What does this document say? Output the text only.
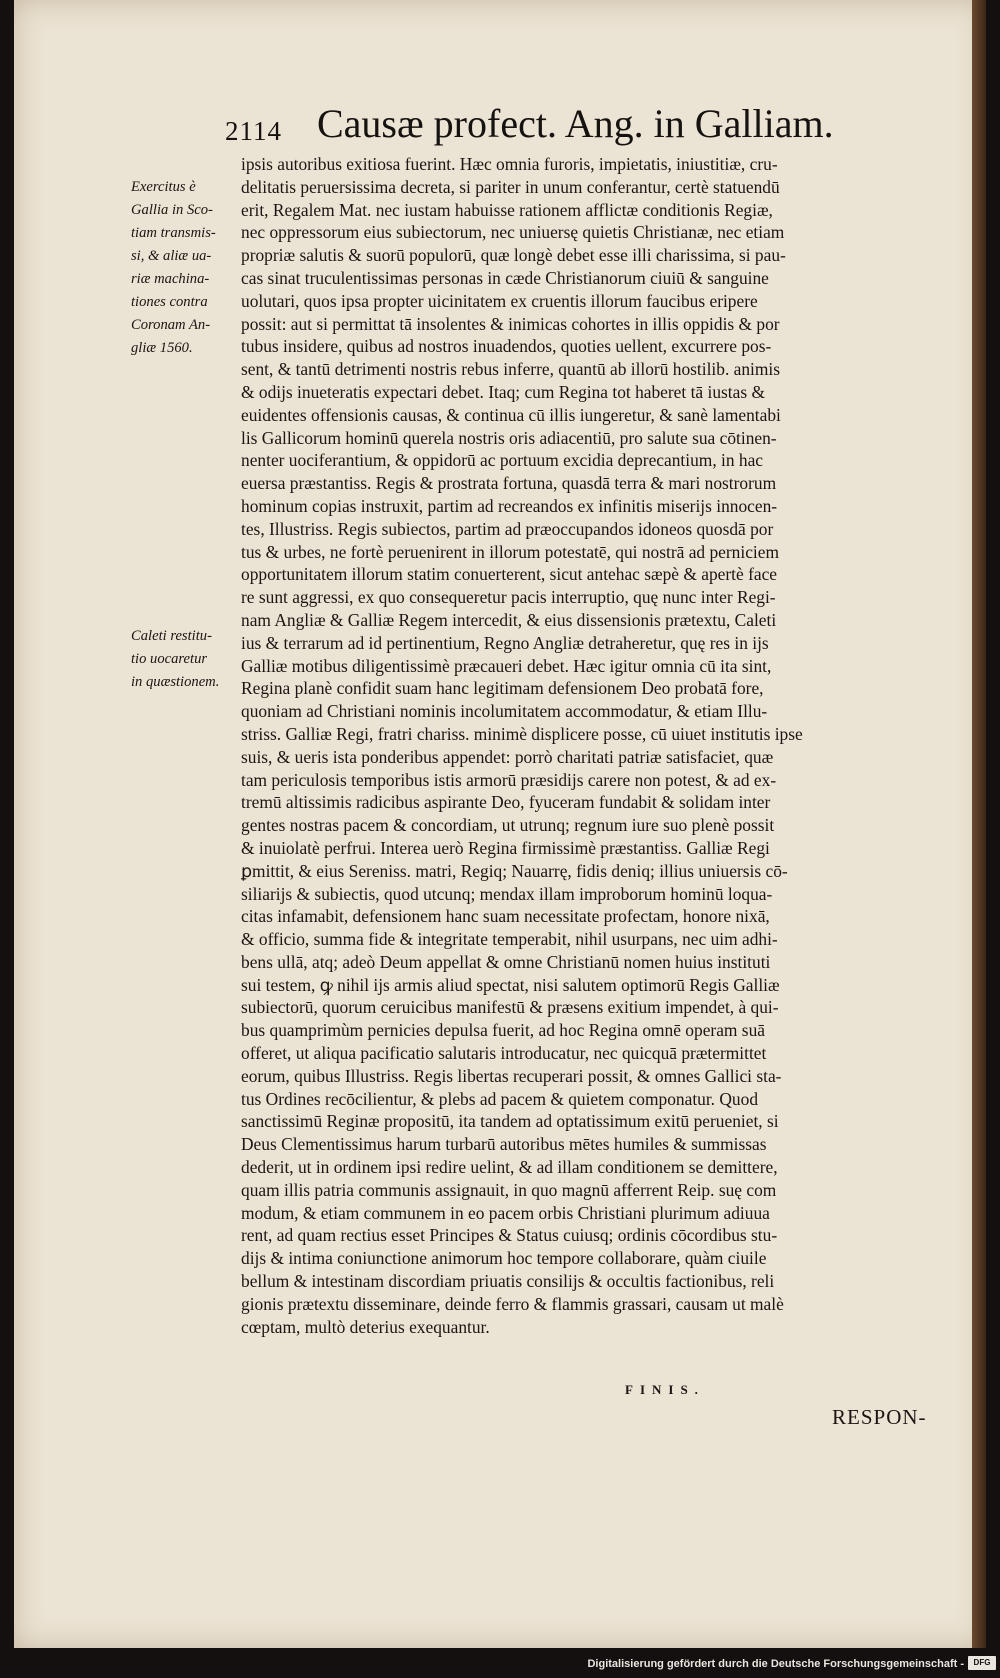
2114 Causæ profect. Ang. in Galliam.
Exercitus è
Gallia in Sco-
tiam transmis-
si, & aliæ ua-
riæ machina-
tiones contra
Coronam An-
gliæ 1560.
Caleti restitu-
tio uocaretur
in quæstionem.
ipsis autoribus exitiosa fuerint. Hæc omnia furoris, impietatis, iniustitiæ, cru-
delitatis peruersissima decreta, si pariter in unum conferantur, certè statuendū
erit, Regalem Mat. nec iustam habuisse rationem afflictæ conditionis Regiæ,
nec oppressorum eius subiectorum, nec uniuersę quietis Christianæ, nec etiam
propriæ salutis & suorū populorū, quæ longè debet esse illi charissima, si pau-
cas sinat truculentissimas personas in cæde Christianorum ciuiū & sanguine
uolutari, quos ipsa propter uicinitatem ex cruentis illorum faucibus eripere
possit: aut si permittat tā insolentes & inimicas cohortes in illis oppidis & por
tubus insidere, quibus ad nostros inuadendos, quoties uellent, excurrere pos-
sent, & tantū detrimenti nostris rebus inferre, quantū ab illorū hostilib. animis
& odijs inueteratis expectari debet. Itaq; cum Regina tot haberet tā iustas &
euidentes offensionis causas, & continua cū illis iungeretur, & sanè lamentabi
lis Gallicorum hominū querela nostris oris adiacentiū, pro salute sua cōtinen-
nenter uociferantium, & oppidorū ac portuum excidia deprecantium, in hac
euersa præstantiss. Regis & prostrata fortuna, quasdā terra & mari nostrorum
hominum copias instruxit, partim ad recreandos ex infinitis miserijs innocen-
tes, Illustriss. Regis subiectos, partim ad præoccupandos idoneos quosdā por
tus & urbes, ne fortè peruenirent in illorum potestatē, qui nostrā ad perniciem
opportunitatem illorum statim conuerterent, sicut antehac sæpè & apertè face
re sunt aggressi, ex quo consequeretur pacis interruptio, quę nunc inter Regi-
nam Angliæ & Galliæ Regem intercedit, & eius dissensionis prætextu, Caleti
ius & terrarum ad id pertinentium, Regno Angliæ detraheretur, quę res in ijs
Galliæ motibus diligentissimè præcaueri debet. Hæc igitur omnia cū ita sint,
Regina planè confidit suam hanc legitimam defensionem Deo probatā fore,
quoniam ad Christiani nominis incolumitatem accommodatur, & etiam Illu-
striss. Galliæ Regi, fratri chariss. minimè displicere posse, cū uiuet institutis ipse
suis, & ueris ista ponderibus appendet: porrò charitati patriæ satisfaciet, quæ
tam periculosis temporibus istis armorū præsidijs carere non potest, & ad ex-
tremū altissimis radicibus aspirante Deo, fyuceram fundabit & solidam inter
gentes nostras pacem & concordiam, ut utrunq; regnum iure suo plenè possit
& inuiolatè perfrui. Interea uerò Regina firmissimè præstantiss. Galliæ Regi
ꝑmittit, & eius Sereniss. matri, Regiq; Nauarrę, fidis deniq; illius uniuersis cō-
siliarijs & subiectis, quod utcunq; mendax illam improborum hominū loqua-
citas infamabit, defensionem hanc suam necessitate profectam, honore nixā,
& officio, summa fide & integritate temperabit, nihil usurpans, nec uim adhi-
bens ullā, atq; adeò Deum appellat & omne Christianū nomen huius instituti
sui testem, ꝙ nihil ijs armis aliud spectat, nisi salutem optimorū Regis Galliæ
subiectorū, quorum ceruicibus manifestū & præsens exitium impendet, à qui-
bus quamprimùm pernicies depulsa fuerit, ad hoc Regina omnē operam suā
offeret, ut aliqua pacificatio salutaris introducatur, nec quicquā prætermittet
eorum, quibus Illustriss. Regis libertas recuperari possit, & omnes Gallici sta-
tus Ordines recōcilientur, & plebs ad pacem & quietem componatur. Quod
sanctissimū Reginæ propositū, ita tandem ad optatissimum exitū perueniet, si
Deus Clementissimus harum turbarū autoribus mētes humiles & summissas
dederit, ut in ordinem ipsi redire uelint, & ad illam conditionem se demittere,
quam illis patria communis assignauit, in quo magnū afferrent Reip. suę com
modum, & etiam communem in eo pacem orbis Christiani plurimum adiuua
rent, ad quam rectius esset Principes & Status cuiusq; ordinis cōcordibus stu-
dijs & intima coniunctione animorum hoc tempore collaborare, quàm ciuile
bellum & intestinam discordiam priuatis consilijs & occultis factionibus, reli
gionis prætextu disseminare, deinde ferro & flammis grassari, causam ut malè
cœptam, multò deterius exequantur.
FINIS.
RESPON-
Digitalisierung gefördert durch die Deutsche Forschungsgemeinschaft -	DFG
